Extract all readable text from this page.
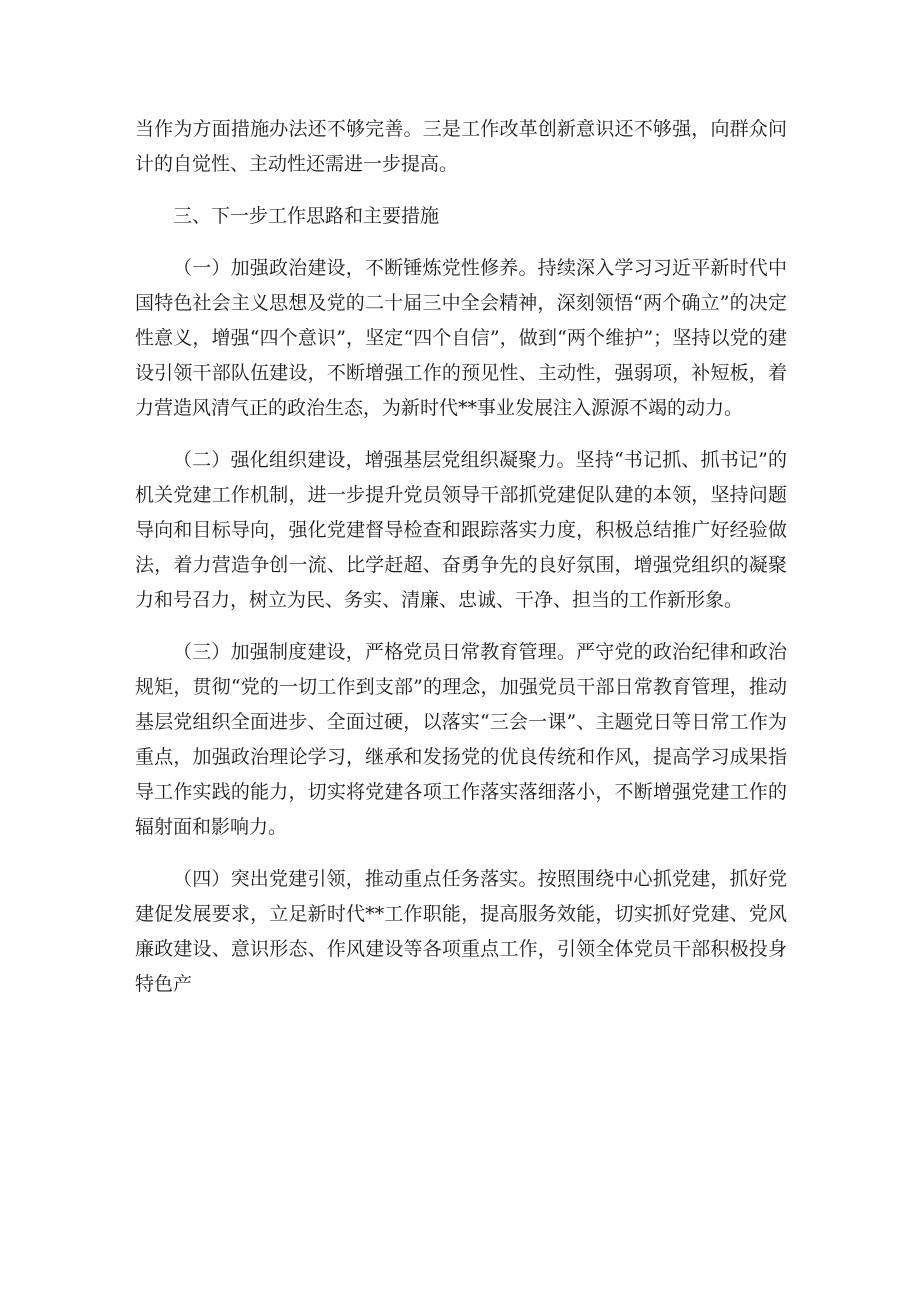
当作为方面措施办法还不够完善。三是工作改革创新意识还不够强，向群众问计的自觉性、主动性还需进一步提高。

三、下一步工作思路和主要措施

（一）加强政治建设，不断锤炼党性修养。持续深入学习习近平新时代中国特色社会主义思想及党的二十届三中全会精神，深刻领悟“两个确立”的决定性意义，增强“四个意识”，坚定“四个自信”，做到“两个维护”；坚持以党的建设引领干部队伍建设，不断增强工作的预见性、主动性，强弱项，补短板，着力营造风清气正的政治生态，为新时代**事业发展注入源源不竭的动力。

（二）强化组织建设，增强基层党组织凝聚力。坚持“书记抓、抓书记”的机关党建工作机制，进一步提升党员领导干部抓党建促队建的本领，坚持问题导向和目标导向，强化党建督导检查和跟踪落实力度，积极总结推广好经验做法，着力营造争创一流、比学赶超、奋勇争先的良好氛围，增强党组织的凝聚力和号召力，树立为民、务实、清廉、忠诚、干净、担当的工作新形象。

（三）加强制度建设，严格党员日常教育管理。严守党的政治纪律和政治规矩，贯彻“党的一切工作到支部”的理念，加强党员干部日常教育管理，推动基层党组织全面进步、全面过硬，以落实“三会一课”、主题党日等日常工作为重点，加强政治理论学习，继承和发扬党的优良传统和作风，提高学习成果指导工作实践的能力，切实将党建各项工作落实落细落小，不断增强党建工作的辐射面和影响力。

（四）突出党建引领，推动重点任务落实。按照围绕中心抓党建，抓好党建促发展要求，立足新时代**工作职能，提高服务效能，切实抓好党建、党风廉政建设、意识形态、作风建设等各项重点工作，引领全体党员干部积极投身特色产
